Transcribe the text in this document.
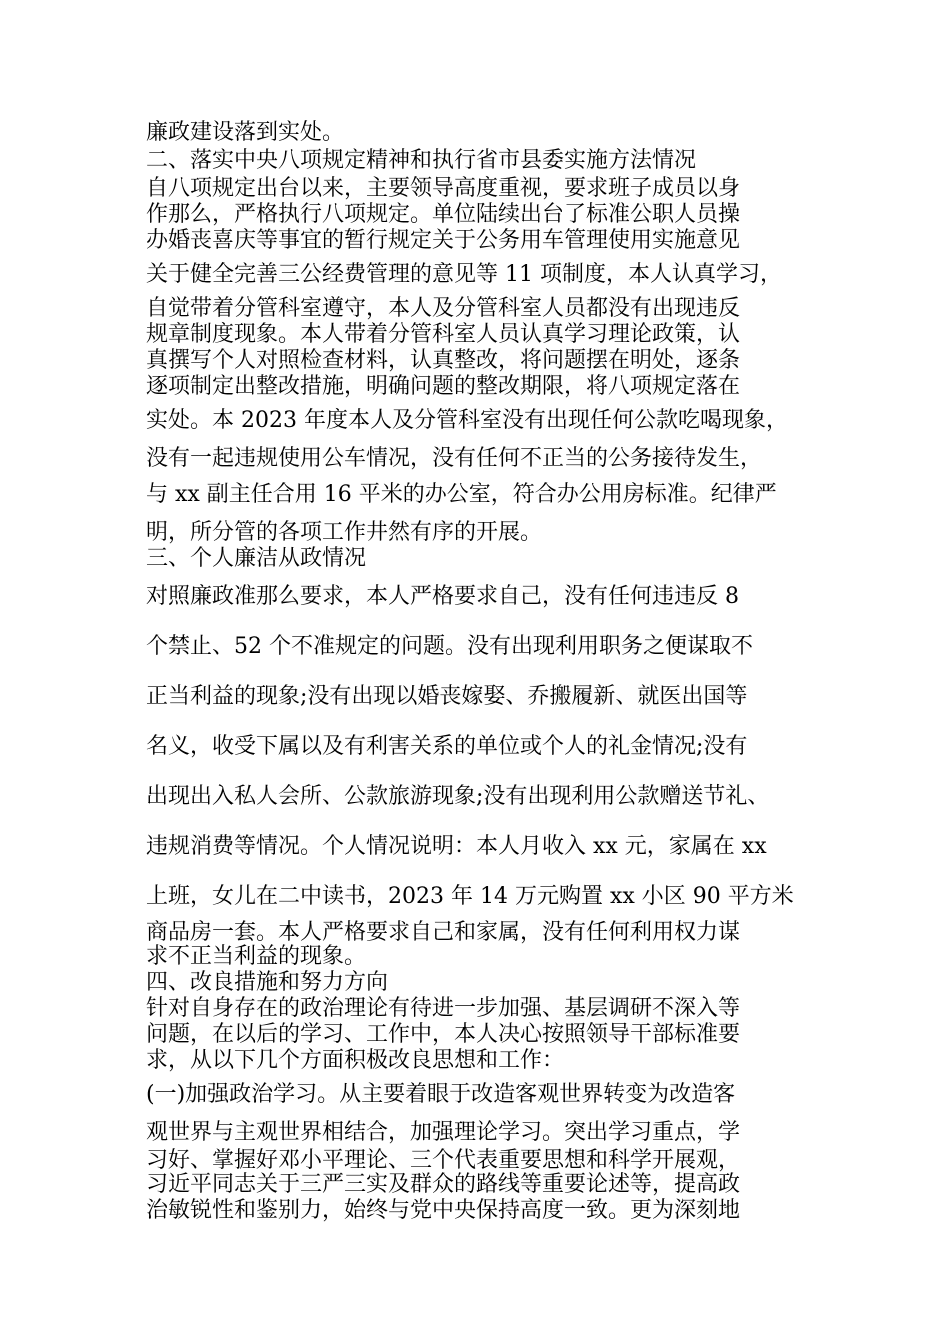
廉政建设落到实处。
二、落实中央八项规定精神和执行省市县委实施方法情况
自八项规定出台以来，主要领导高度重视，要求班子成员以身
作那么，严格执行八项规定。单位陆续出台了标准公职人员操
办婚丧喜庆等事宜的暂行规定关于公务用车管理使用实施意见
关于健全完善三公经费管理的意见等 11 项制度，本人认真学习，
自觉带着分管科室遵守，本人及分管科室人员都没有出现违反
规章制度现象。本人带着分管科室人员认真学习理论政策，认
真撰写个人对照检查材料，认真整改，将问题摆在明处，逐条
逐项制定出整改措施，明确问题的整改期限，将八项规定落在
实处。本 2023 年度本人及分管科室没有出现任何公款吃喝现象，
没有一起违规使用公车情况，没有任何不正当的公务接待发生，
与 xx 副主任合用 16 平米的办公室，符合办公用房标准。纪律严
明，所分管的各项工作井然有序的开展。
三、个人廉洁从政情况
对照廉政准那么要求，本人严格要求自己，没有任何违违反 8
个禁止、52 个不准规定的问题。没有出现利用职务之便谋取不
正当利益的现象;没有出现以婚丧嫁娶、乔搬履新、就医出国等
名义，收受下属以及有利害关系的单位或个人的礼金情况;没有
出现出入私人会所、公款旅游现象;没有出现利用公款赠送节礼、
违规消费等情况。个人情况说明：本人月收入 xx 元，家属在 xx
上班，女儿在二中读书，2023 年 14 万元购置 xx 小区 90 平方米
商品房一套。本人严格要求自己和家属，没有任何利用权力谋
求不正当利益的现象。
四、改良措施和努力方向
针对自身存在的政治理论有待进一步加强、基层调研不深入等
问题，在以后的学习、工作中，本人决心按照领导干部标准要
求，从以下几个方面积极改良思想和工作：
(一)加强政治学习。从主要着眼于改造客观世界转变为改造客
观世界与主观世界相结合，加强理论学习。突出学习重点，学
习好、掌握好邓小平理论、三个代表重要思想和科学开展观，
习近平同志关于三严三实及群众的路线等重要论述等，提高政
治敏锐性和鉴别力，始终与党中央保持高度一致。更为深刻地
